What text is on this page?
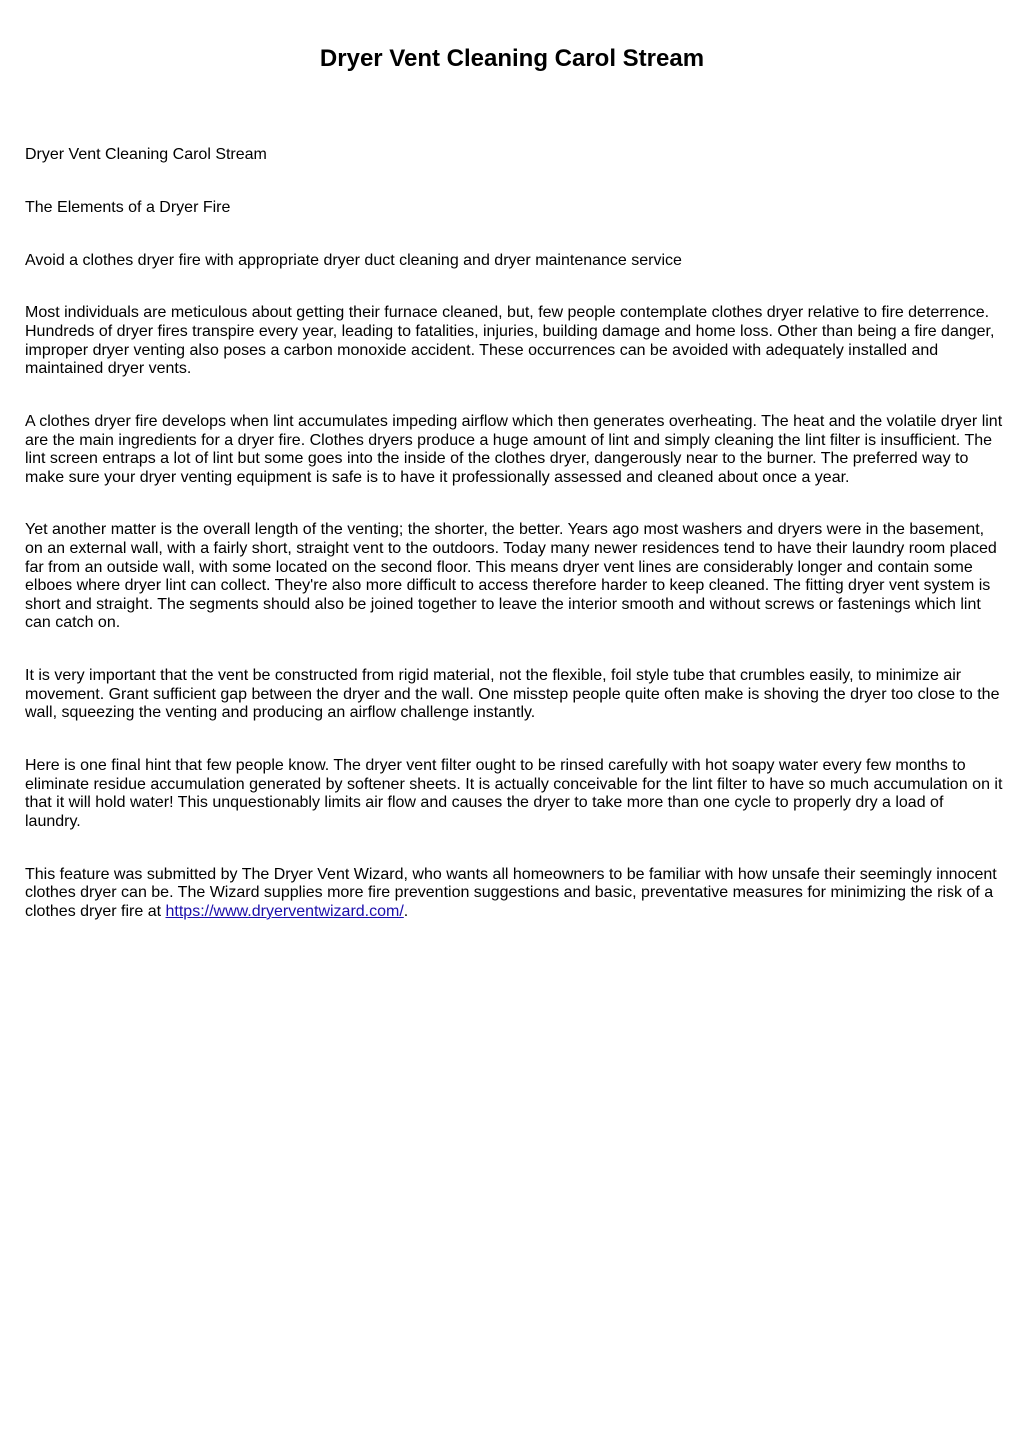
Dryer Vent Cleaning Carol Stream

Dryer Vent Cleaning Carol Stream

The Elements of a Dryer Fire

Avoid a clothes dryer fire with appropriate dryer duct cleaning and dryer maintenance service

Most individuals are meticulous about getting their furnace cleaned, but, few people contemplate clothes dryer relative to fire deterrence. Hundreds of dryer fires transpire every year, leading to fatalities, injuries, building damage and home loss. Other than being a fire danger, improper dryer venting also poses a carbon monoxide accident. These occurrences can be avoided with adequately installed and maintained dryer vents.

A clothes dryer fire develops when lint accumulates impeding airflow which then generates overheating. The heat and the volatile dryer lint are the main ingredients for a dryer fire. Clothes dryers produce a huge amount of lint and simply cleaning the lint filter is insufficient. The lint screen entraps a lot of lint but some goes into the inside of the clothes dryer, dangerously near to the burner. The preferred way to make sure your dryer venting equipment is safe is to have it professionally assessed and cleaned about once a year.

Yet another matter is the overall length of the venting; the shorter, the better. Years ago most washers and dryers were in the basement, on an external wall, with a fairly short, straight vent to the outdoors. Today many newer residences tend to have their laundry room placed far from an outside wall, with some located on the second floor. This means dryer vent lines are considerably longer and contain some elboes where dryer lint can collect. They're also more difficult to access therefore harder to keep cleaned. The fitting dryer vent system is short and straight. The segments should also be joined together to leave the interior smooth and without screws or fastenings which lint can catch on.

It is very important that the vent be constructed from rigid material, not the flexible, foil style tube that crumbles easily, to minimize air movement. Grant sufficient gap between the dryer and the wall. One misstep people quite often make is shoving the dryer too close to the wall, squeezing the venting and producing an airflow challenge instantly.

Here is one final hint that few people know. The dryer vent filter ought to be rinsed carefully with hot soapy water every few months to eliminate residue accumulation generated by softener sheets. It is actually conceivable for the lint filter to have so much accumulation on it that it will hold water! This unquestionably limits air flow and causes the dryer to take more than one cycle to properly dry a load of laundry.

This feature was submitted by The Dryer Vent Wizard, who wants all homeowners to be familiar with how unsafe their seemingly innocent clothes dryer can be. The Wizard supplies more fire prevention suggestions and basic, preventative measures for minimizing the risk of a clothes dryer fire at https://www.dryerventwizard.com/.
